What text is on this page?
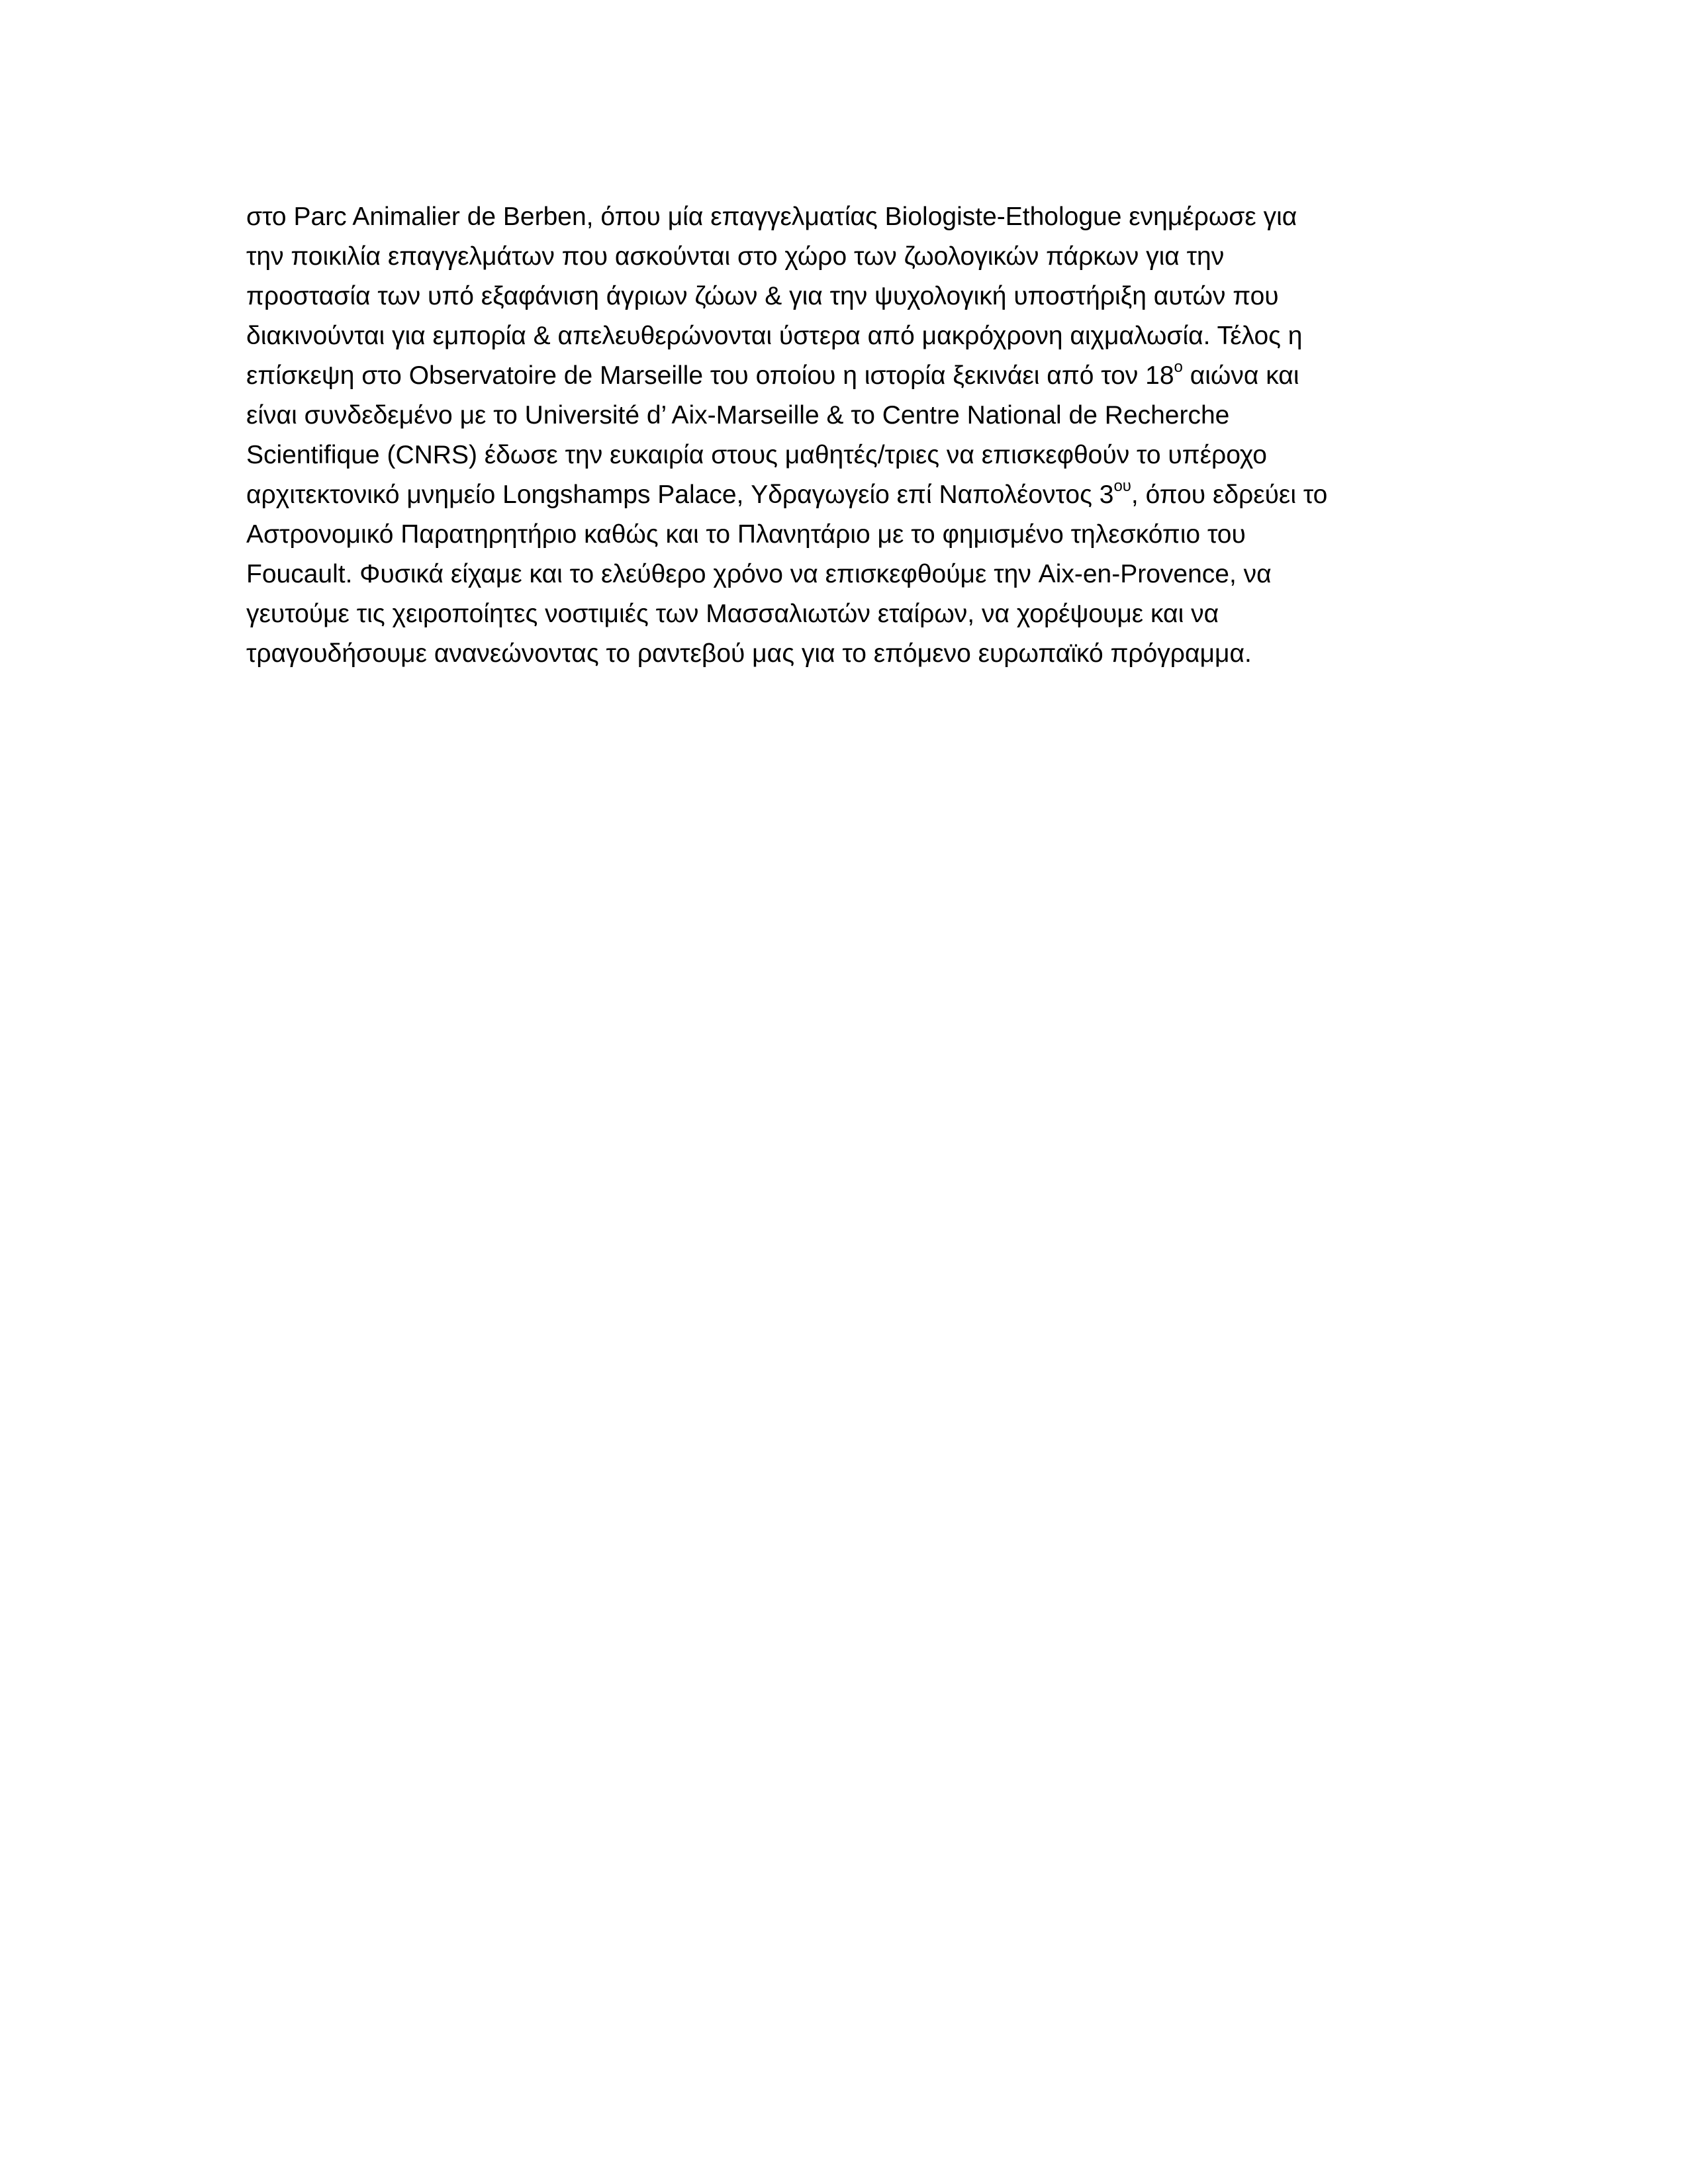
στο Parc Animalier de Berben, όπου μία επαγγελματίας Biologiste-Ethologue ενημέρωσε για
την ποικιλία επαγγελμάτων που ασκούνται στο χώρο των ζωολογικών πάρκων για την
προστασία των υπό εξαφάνιση άγριων ζώων & για την ψυχολογική υποστήριξη αυτών που
διακινούνται για εμπορία & απελευθερώνονται ύστερα από μακρόχρονη αιχμαλωσία. Τέλος η
επίσκεψη στο Observatoire de Marseille του οποίου η ιστορία ξεκινάει από τον $18^o$ αιώνα και
είναι συνδεδεμένο με το Université d’ Aix-Marseille & το Centre National de Recherche
Scientifique (CNRS) έδωσε την ευκαιρία στους μαθητές/τριες να επισκεφθούν το υπέροχο
αρχιτεκτονικό μνημείο Longshamps Palace, Υδραγωγείο επί Ναπολέοντος $3^{o\upsilon}$, όπου εδρεύει το
Αστρονομικό Παρατηρητήριο καθώς και το Πλανητάριο με το φημισμένο τηλεσκόπιο του
Foucault. Φυσικά είχαμε και το ελεύθερο χρόνο να επισκεφθούμε την Aix-en-Provence, να
γευτούμε τις χειροποίητες νοστιμιές των Μασσαλιωτών εταίρων, να χορέψουμε και να
τραγουδήσουμε ανανεώνοντας το ραντεβού μας για το επόμενο ευρωπαϊκό πρόγραμμα.
